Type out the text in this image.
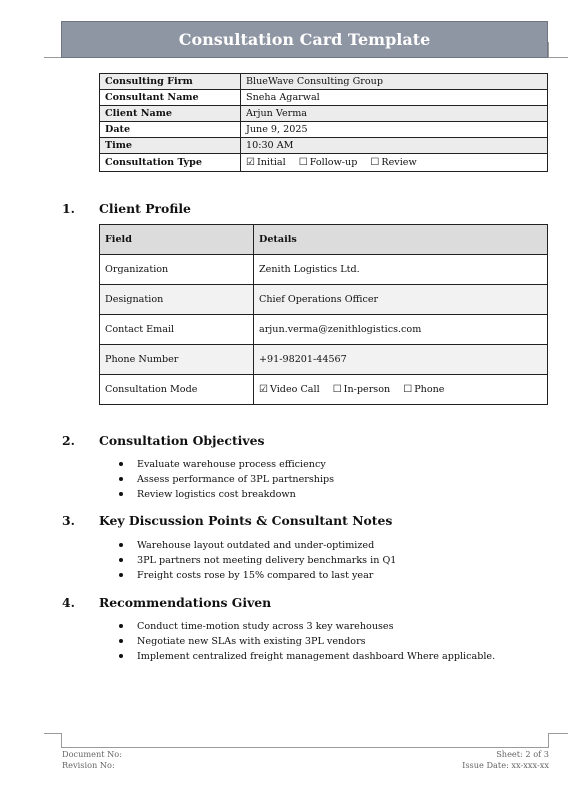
Consultation Card Template
Consulting Firm	BlueWave Consulting Group
Consultant Name	Sneha Agarwal
Client Name	Arjun Verma
Date	June 9, 2025
Time	10:30 AM
Consultation Type	☑ Initial ☐ Follow-up ☐ Review
1.	Client Profile
Field	Details
Organization	Zenith Logistics Ltd.
Designation	Chief Operations Officer
Contact Email	arjun.verma@zenithlogistics.com
Phone Number	+91-98201-44567
Consultation Mode	☑ Video Call ☐ In-person ☐ Phone
2.	Consultation Objectives
Evaluate warehouse process efficiency
Assess performance of 3PL partnerships
Review logistics cost breakdown
3.	Key Discussion Points & Consultant Notes
Warehouse layout outdated and under-optimized
3PL partners not meeting delivery benchmarks in Q1
Freight costs rose by 15% compared to last year
4.	Recommendations Given
Conduct time-motion study across 3 key warehouses
Negotiate new SLAs with existing 3PL vendors
Implement centralized freight management dashboard Where applicable.
Document No:
Revision No:
Sheet: 2 of 3
Issue Date: xx-xxx-xx
